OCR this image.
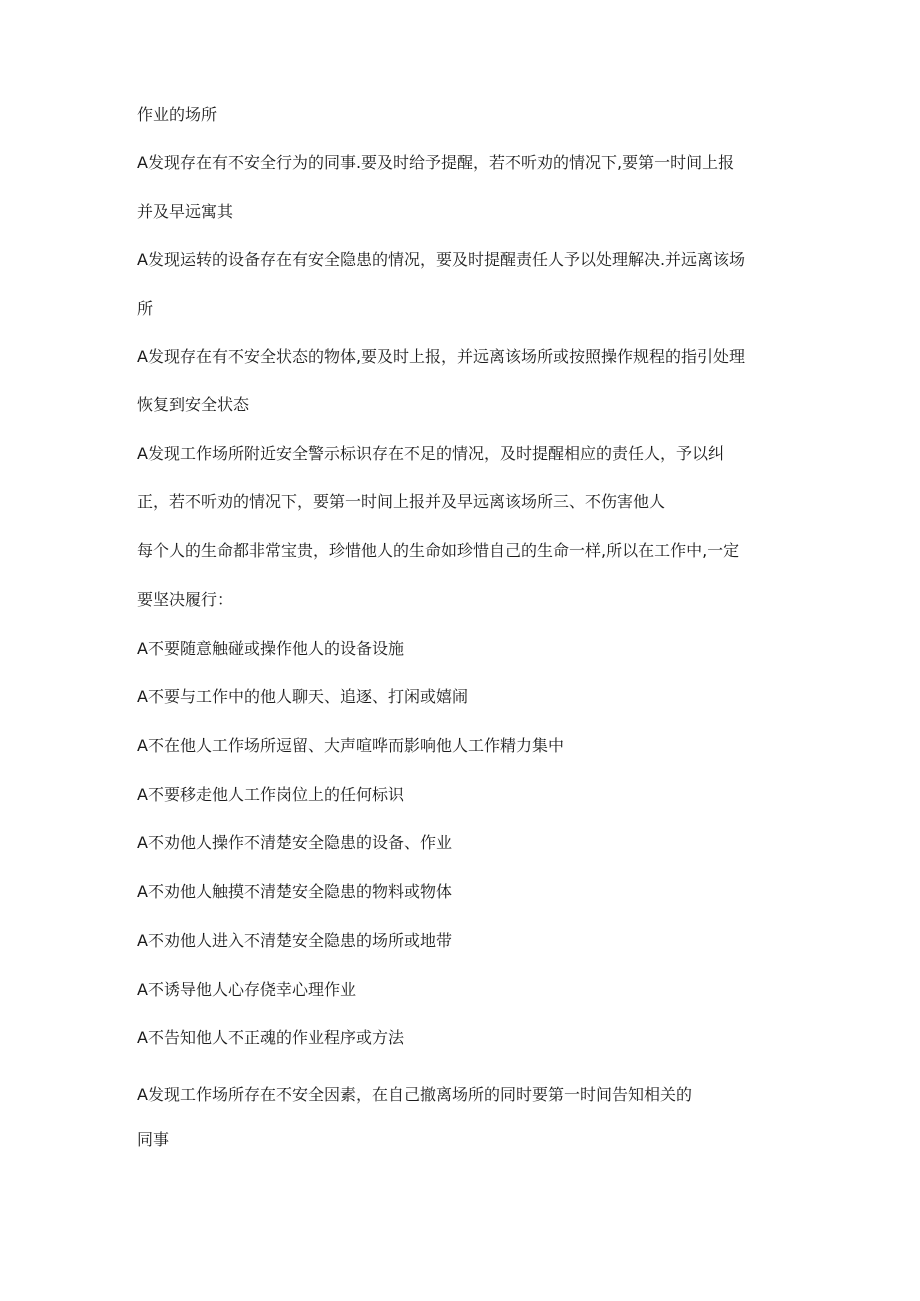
作业的场所

A发现存在有不安全行为的同事.要及时给予提醒，若不听劝的情况下,要第一时间上报

并及早远寓其

A发现运转的设备存在有安全隐患的情况，要及时提醒责任人予以处理解决.并远离该场

所

A发现存在有不安全状态的物体,要及时上报，并远离该场所或按照操作规程的指引处理

恢复到安全状态

A发现工作场所附近安全警示标识存在不足的情况，及时提醒相应的责任人，予以纠

正，若不听劝的情况下，要第一时间上报并及早远离该场所三、不伤害他人

每个人的生命都非常宝贵，珍惜他人的生命如珍惜自己的生命一样,所以在工作中,一定

要坚决履行：

A不要随意触碰或操作他人的设备设施

A不要与工作中的他人聊天、追逐、打闲或嬉闹

A不在他人工作场所逗留、大声喧哗而影响他人工作精力集中

A不要移走他人工作岗位上的任何标识

A不劝他人操作不清楚安全隐患的设备、作业

A不劝他人触摸不清楚安全隐患的物料或物体

A不劝他人进入不清楚安全隐患的场所或地带

A不诱导他人心存侥幸心理作业

A不告知他人不正魂的作业程序或方法

A发现工作场所存在不安全因素，在自己撤离场所的同时要第一时间告知相关的

同事
